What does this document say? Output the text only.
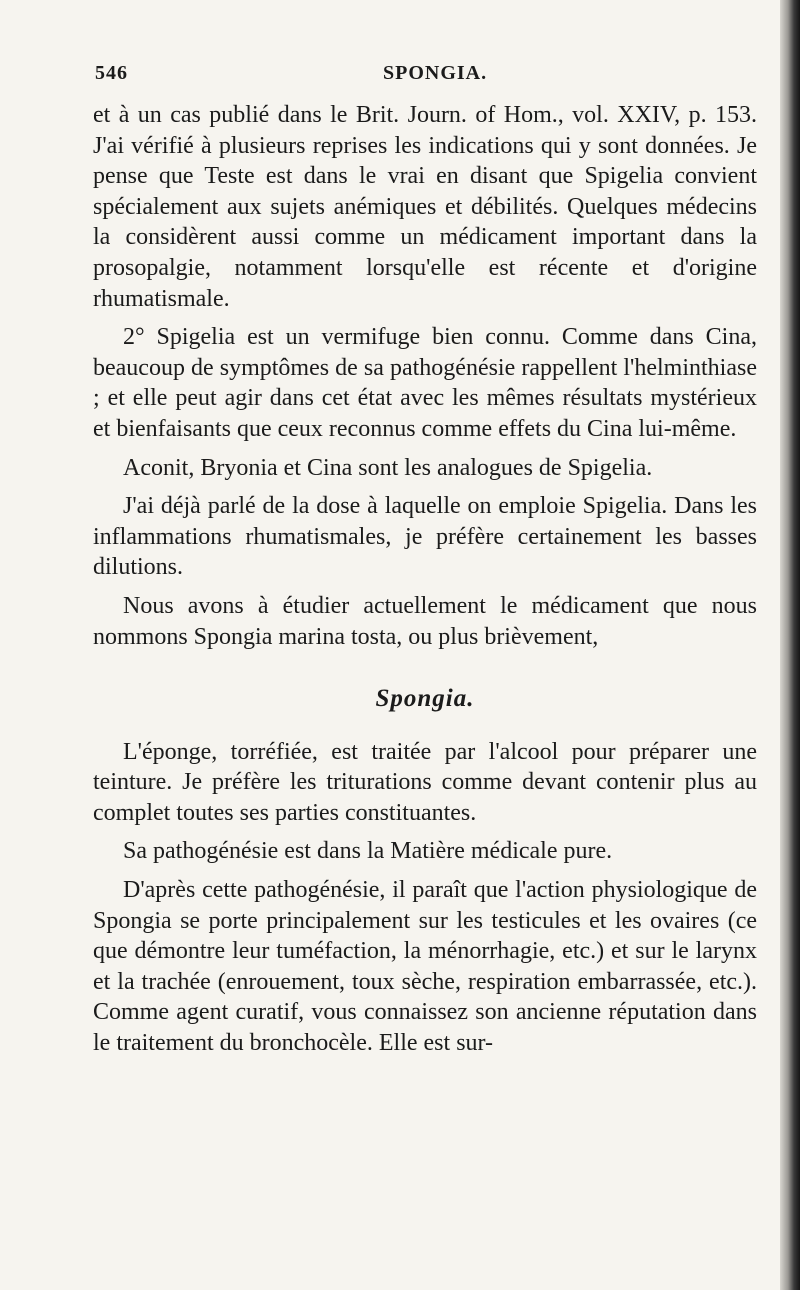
546	SPONGIA.

et à un cas publié dans le Brit. Journ. of Hom., vol. XXIV, p. 153. J'ai vérifié à plusieurs reprises les indications qui y sont données. Je pense que Teste est dans le vrai en disant que Spigelia convient spécialement aux sujets anémiques et débilités. Quelques médecins la considèrent aussi comme un médicament important dans la prosopalgie, notamment lorsqu'elle est récente et d'origine rhumatismale.

2° Spigelia est un vermifuge bien connu. Comme dans Cina, beaucoup de symptômes de sa pathogénésie rappellent l'helminthiase ; et elle peut agir dans cet état avec les mêmes résultats mystérieux et bienfaisants que ceux reconnus comme effets du Cina lui-même.

Aconit, Bryonia et Cina sont les analogues de Spigelia.

J'ai déjà parlé de la dose à laquelle on emploie Spigelia. Dans les inflammations rhumatismales, je préfère certainement les basses dilutions.

Nous avons à étudier actuellement le médicament que nous nommons Spongia marina tosta, ou plus brièvement,

Spongia.

L'éponge, torréfiée, est traitée par l'alcool pour préparer une teinture. Je préfère les triturations comme devant contenir plus au complet toutes ses parties constituantes.

Sa pathogénésie est dans la Matière médicale pure.

D'après cette pathogénésie, il paraît que l'action physiologique de Spongia se porte principalement sur les testicules et les ovaires (ce que démontre leur tuméfaction, la ménorrhagie, etc.) et sur le larynx et la trachée (enrouement, toux sèche, respiration embarrassée, etc.). Comme agent curatif, vous connaissez son ancienne réputation dans le traitement du bronchocèle. Elle est sur-
